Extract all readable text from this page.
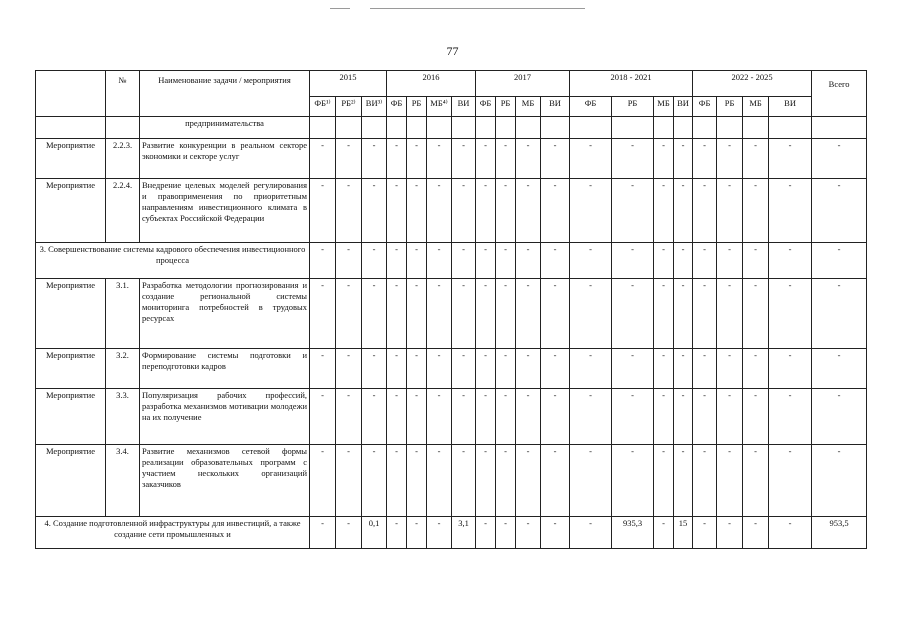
77
	№	Наименование задачи / мероприятия	2015			2016				2017				2018 - 2021				2022 - 2025				Всего
			ФБ¹⁾	РБ²⁾	ВИ³⁾	ФБ	РБ	МБ⁴⁾	ВИ	ФБ	РБ	МБ	ВИ	ФБ	РБ	МБ	ВИ	ФБ	РБ	МБ	ВИ	
		предпринимательства																				
Мероприятие	2.2.3.	Развитие конкуренции в реальном секторе экономики и секторе услуг	-	-	-	-	-	-	-	-	-	-	-	-	-	-	-	-	-	-	-	-
Мероприятие	2.2.4.	Внедрение целевых моделей регулирования и правоприменения по приоритетным направлениям инвестиционного климата в субъектах Российской Федерации	-	-	-	-	-	-	-	-	-	-	-	-	-	-	-	-	-	-	-	-
3. Совершенствование системы кадрового обеспечения инвестиционного процесса			-	-	-	-	-	-	-	-	-	-	-	-	-	-	-	-	-	-	-	-
Мероприятие	3.1.	Разработка методологии прогнозирования и создание региональной системы мониторинга потребностей в трудовых ресурсах	-	-	-	-	-	-	-	-	-	-	-	-	-	-	-	-	-	-	-	-
Мероприятие	3.2.	Формирование системы подготовки и переподготовки кадров	-	-	-	-	-	-	-	-	-	-	-	-	-	-	-	-	-	-	-	-
Мероприятие	3.3.	Популяризация рабочих профессий, разработка механизмов мотивации молодежи на их получение	-	-	-	-	-	-	-	-	-	-	-	-	-	-	-	-	-	-	-	-
Мероприятие	3.4.	Развитие механизмов сетевой формы реализации образовательных программ с участием нескольких организаций заказчиков	-	-	-	-	-	-	-	-	-	-	-	-	-	-	-	-	-	-	-	-
4. Создание подготовленной инфраструктуры для инвестиций, а также создание сети промышленных и			-	-	0,1	-	-	-	3,1	-	-	-	-	-	935,3	-	15	-	-	-	-	953,5
